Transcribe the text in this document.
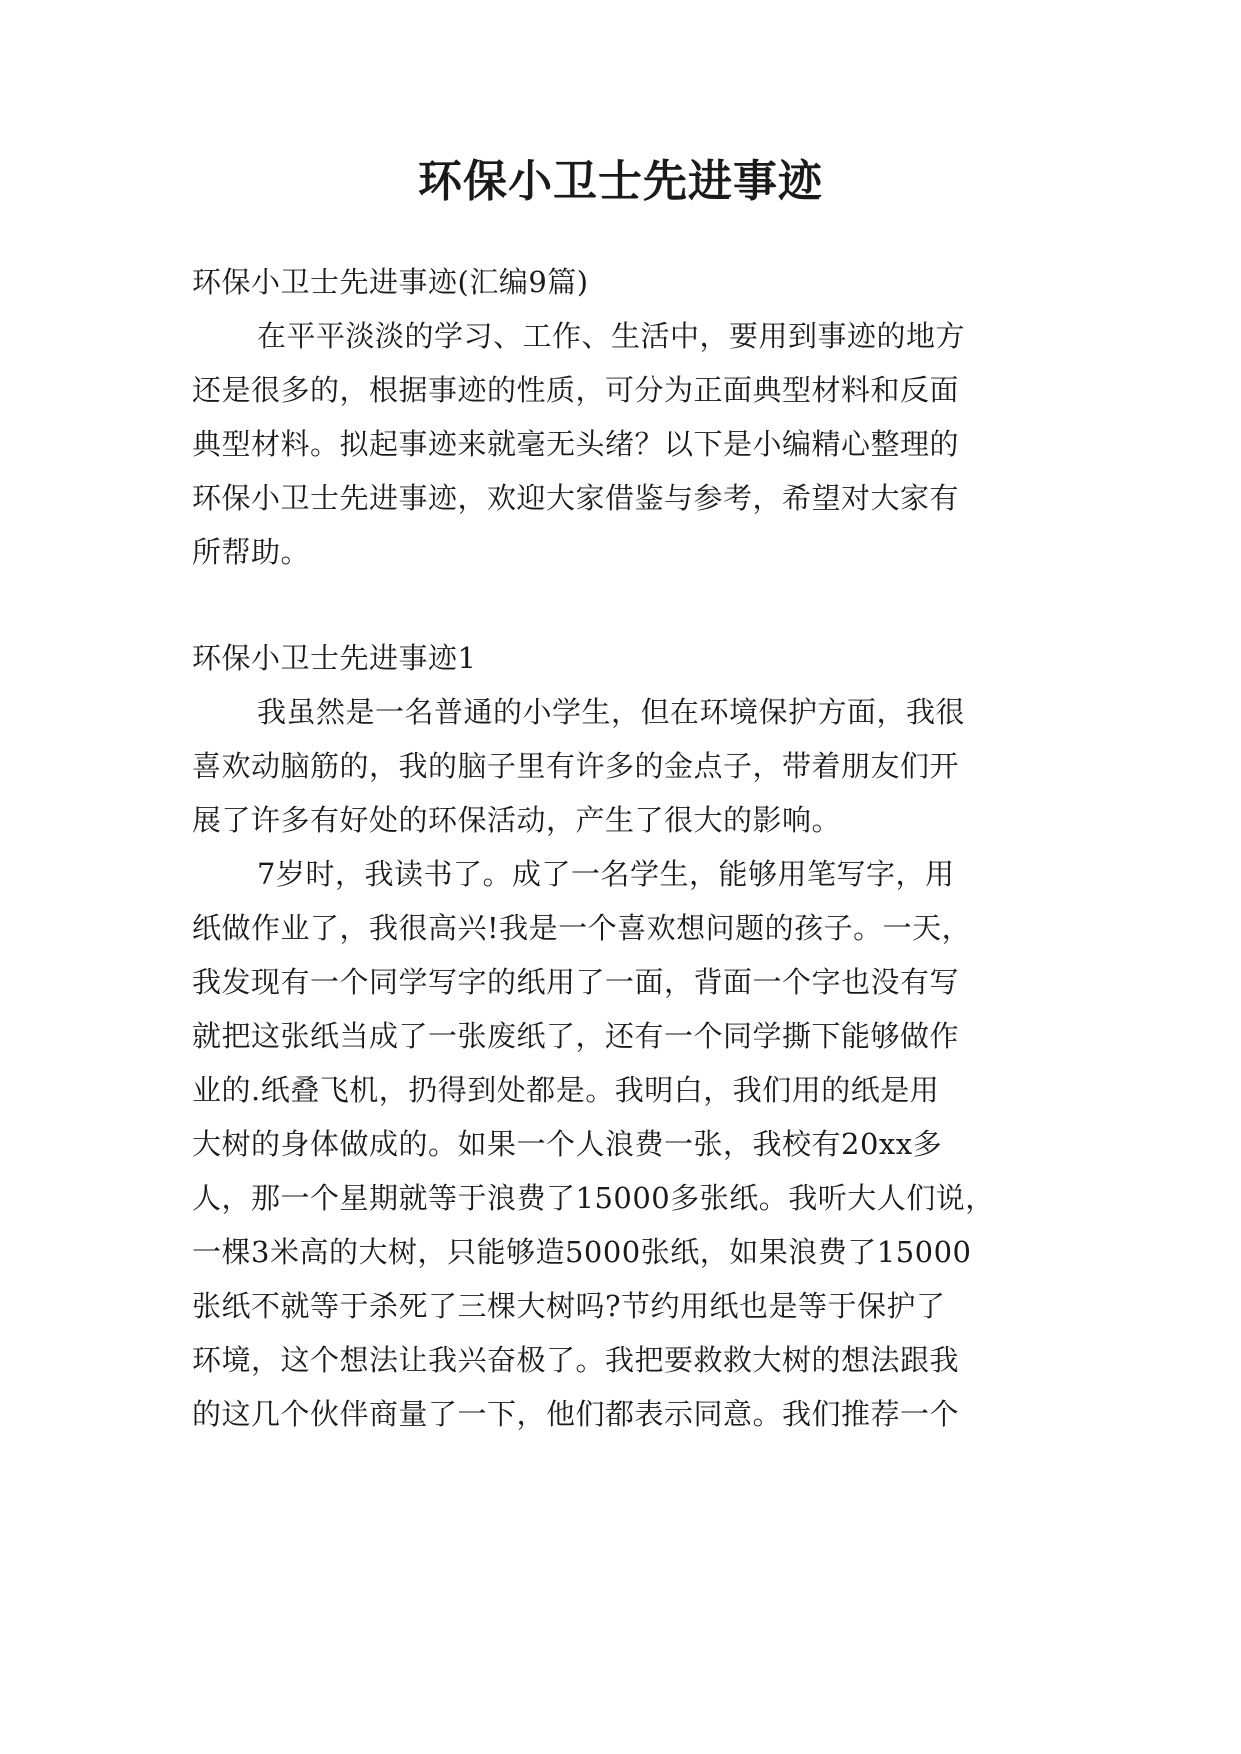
环保小卫士先进事迹

环保小卫士先进事迹(汇编9篇)

在平平淡淡的学习、工作、生活中，要用到事迹的地方

还是很多的，根据事迹的性质，可分为正面典型材料和反面

典型材料。拟起事迹来就毫无头绪？以下是小编精心整理的

环保小卫士先进事迹，欢迎大家借鉴与参考，希望对大家有

所帮助。

环保小卫士先进事迹1

我虽然是一名普通的小学生，但在环境保护方面，我很

喜欢动脑筋的，我的脑子里有许多的金点子，带着朋友们开

展了许多有好处的环保活动，产生了很大的影响。

7岁时，我读书了。成了一名学生，能够用笔写字，用

纸做作业了，我很高兴!我是一个喜欢想问题的孩子。一天，

我发现有一个同学写字的纸用了一面，背面一个字也没有写

就把这张纸当成了一张废纸了，还有一个同学撕下能够做作

业的.纸叠飞机，扔得到处都是。我明白，我们用的纸是用

大树的身体做成的。如果一个人浪费一张，我校有20xx多

人，那一个星期就等于浪费了15000多张纸。我听大人们说，

一棵3米高的大树，只能够造5000张纸，如果浪费了15000

张纸不就等于杀死了三棵大树吗?节约用纸也是等于保护了

环境，这个想法让我兴奋极了。我把要救救大树的想法跟我

的这几个伙伴商量了一下，他们都表示同意。我们推荐一个
